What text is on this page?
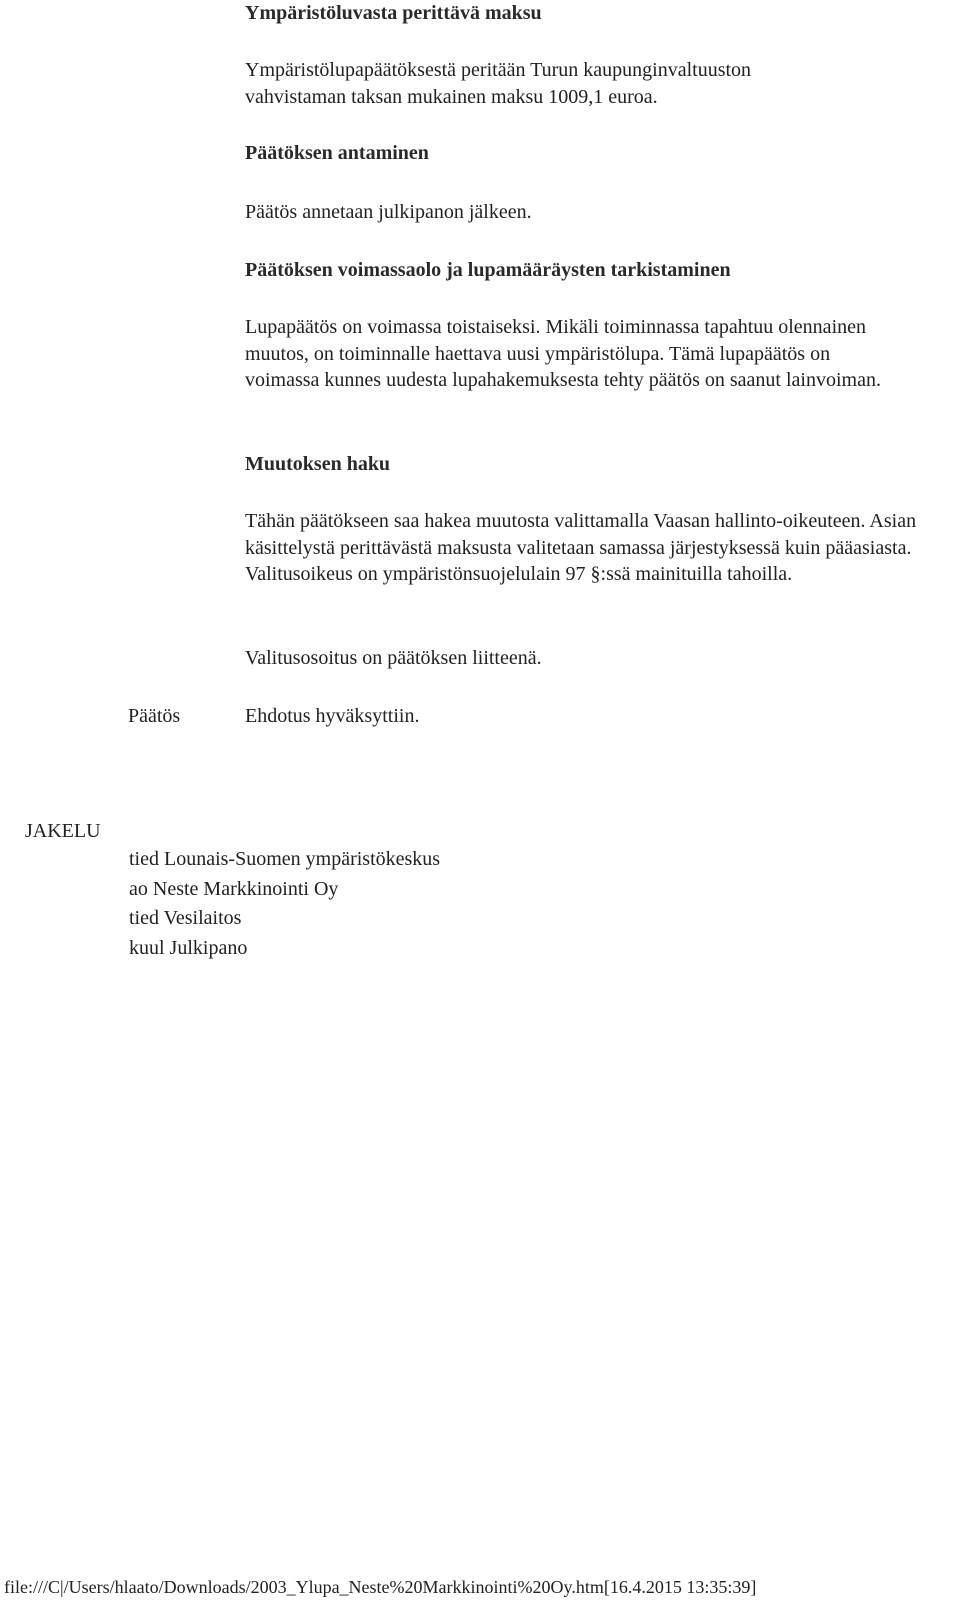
Ympäristöluvasta perittävä maksu

Ympäristölupapäätöksestä peritään Turun kaupunginvaltuuston vahvistaman taksan mukainen maksu 1009,1 euroa.

Päätöksen antaminen

Päätös annetaan julkipanon jälkeen.

Päätöksen voimassaolo ja lupamääräysten tarkistaminen

Lupapäätös on voimassa toistaiseksi. Mikäli toiminnassa tapahtuu olennainen muutos, on toiminnalle haettava uusi ympäristölupa. Tämä lupapäätös on voimassa kunnes uudesta lupahakemuksesta tehty päätös on saanut lainvoiman.

Muutoksen haku

Tähän päätökseen saa hakea muutosta valittamalla Vaasan hallinto-oikeuteen. Asian käsittelystä perittävästä maksusta valitetaan samassa järjestyksessä kuin pääasiasta. Valitusoikeus on ympäristönsuojelulain 97 §:ssä mainituilla tahoilla.

Valitusosoitus on päätöksen liitteenä.

Ehdotus hyväksyttiin.

Päätös
JAKELU
tied Lounais-Suomen ympäristökeskus
ao Neste Markkinointi Oy
tied Vesilaitos
kuul Julkipano
file:///C|/Users/hlaato/Downloads/2003_Ylupa_Neste%20Markkinointi%20Oy.htm[16.4.2015 13:35:39]
